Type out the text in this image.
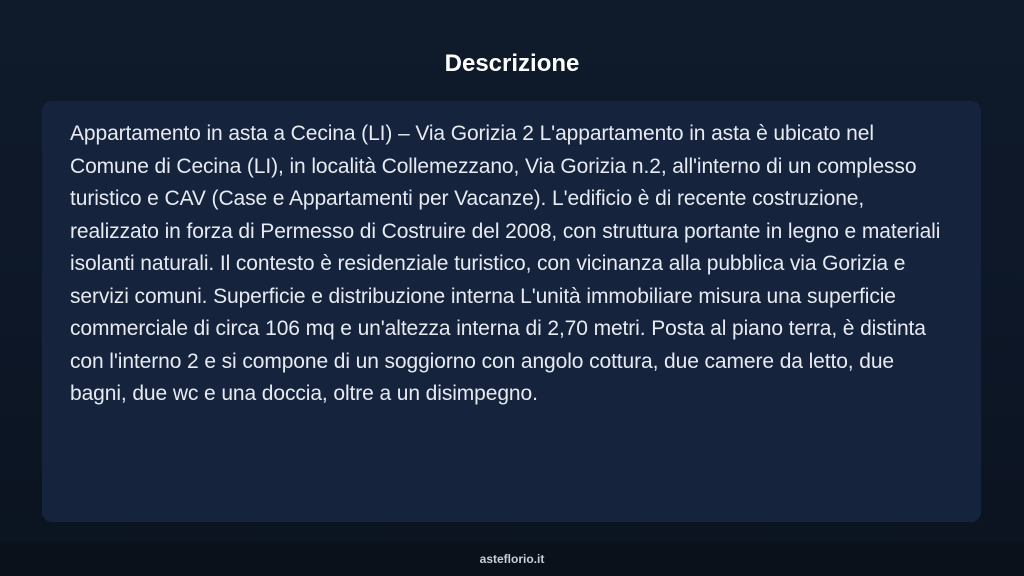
Descrizione

Appartamento in asta a Cecina (LI) – Via Gorizia 2 L'appartamento in asta è ubicato nel Comune di Cecina (LI), in località Collemezzano, Via Gorizia n.2, all'interno di un complesso turistico e CAV (Case e Appartamenti per Vacanze). L'edificio è di recente costruzione, realizzato in forza di Permesso di Costruire del 2008, con struttura portante in legno e materiali isolanti naturali. Il contesto è residenziale turistico, con vicinanza alla pubblica via Gorizia e servizi comuni. Superficie e distribuzione interna L'unità immobiliare misura una superficie commerciale di circa 106 mq e un'altezza interna di 2,70 metri. Posta al piano terra, è distinta con l'interno 2 e si compone di un soggiorno con angolo cottura, due camere da letto, due bagni, due wc e una doccia, oltre a un disimpegno.

asteflorio.it
